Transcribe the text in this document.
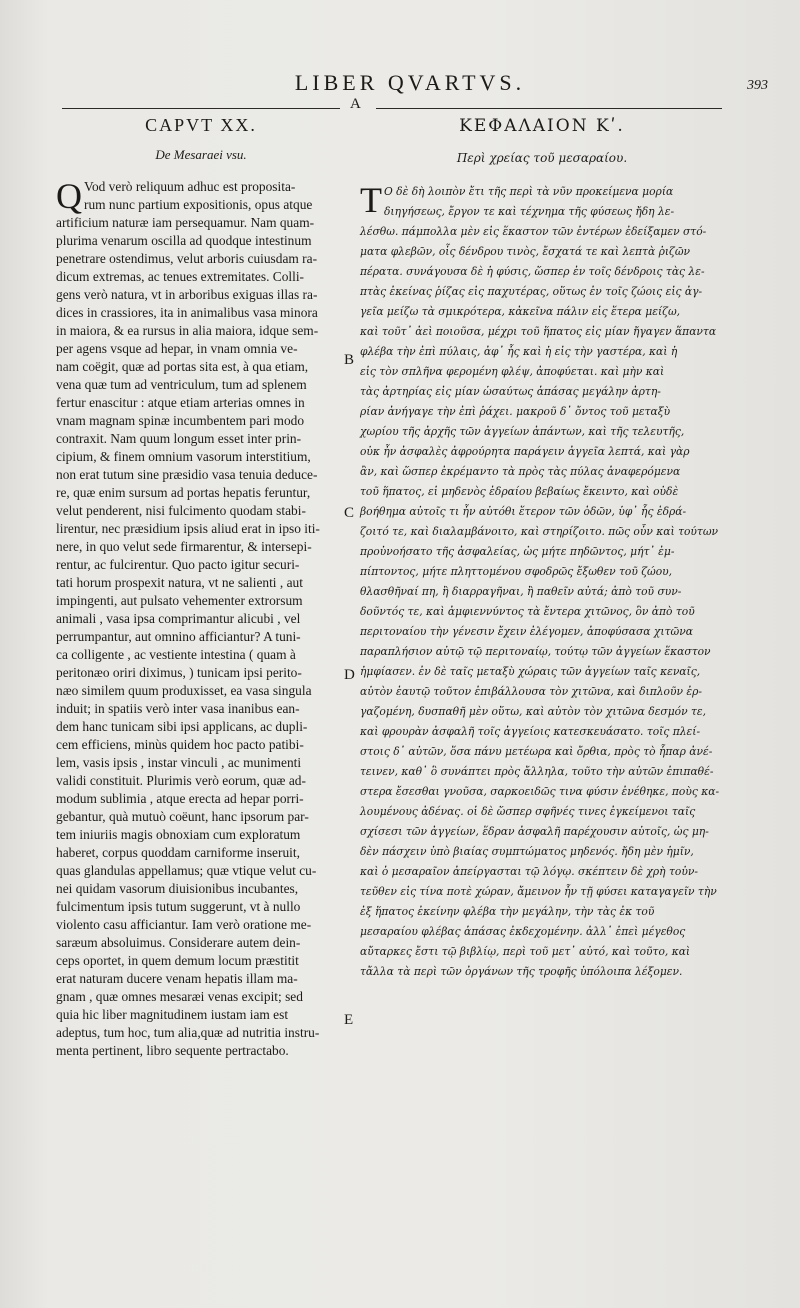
LIBER QVARTVS.	393
A
CAPVT XX.
De Mesaraei vsu.
Q Vod verò reliquum adhuc est proposita-
rum nunc partium expositionis, opus atque
artificium naturæ iam persequamur. Nam quam-
plurima venarum oscilla ad quodque intestinum
penetrare ostendimus, velut arboris cuiusdam ra-
dicum extremas, ac tenues extremitates. Colli-
gens verò natura, vt in arboribus exiguas illas ra-
dices in crassiores, ita in animalibus vasa minora
in maiora, & ea rursus in alia maiora, idque sem-
per agens vsque ad hepar, in vnam omnia ve-
nam coëgit, quæ ad portas sita est, à qua etiam,
vena quæ tum ad ventriculum, tum ad splenem
fertur enascitur : atque etiam arterias omnes in
vnam magnam spinæ incumbentem pari modo
contraxit. Nam quum longum esset inter prin-
cipium, & finem omnium vasorum interstitium,
non erat tutum sine præsidio vasa tenuia deduce-
re, quæ enim sursum ad portas hepatis feruntur,
velut penderent, nisi fulcimento quodam stabi-
lirentur, nec præsidium ipsis aliud erat in ipso iti-
nere, in quo velut sede firmarentur, & intersepi-
rentur, ac fulcirentur. Quo pacto igitur securi-
tati horum prospexit natura, vt ne salienti , aut
impingenti, aut pulsato vehementer extrorsum
animali , vasa ipsa comprimantur alicubi , vel
perrumpantur, aut omnino afficiantur? A tuni-
ca colligente , ac vestiente intestina ( quam à
peritonæo oriri diximus, ) tunicam ipsi perito-
næo similem quum produxisset, ea vasa singula
induit; in spatiis verò inter vasa inanibus ean-
dem hanc tunicam sibi ipsi applicans, ac dupli-
cem efficiens, minùs quidem hoc pacto patibi-
lem, vasis ipsis , instar vinculi , ac munimenti
validi constituit. Plurimis verò eorum, quæ ad-
modum sublimia , atque erecta ad hepar porri-
gebantur, quà mutuò coëunt, hanc ipsorum par-
tem iniuriis magis obnoxiam cum exploratum
haberet, corpus quoddam carniforme inseruit,
quas glandulas appellamus; quæ vtique velut cu-
nei quidam vasorum diuisionibus incubantes,
fulcimentum ipsis tutum suggerunt, vt à nullo
violento casu afficiantur. Iam verò oratione me-
saræum absoluimus. Considerare autem dein-
ceps oportet, in quem demum locum præstitit
erat naturam ducere venam hepatis illam ma-
gnam , quæ omnes mesaræi venas excipit; sed
quia hic liber magnitudinem iustam iam est
adeptus, tum hoc, tum alia,quæ ad nutritia instru-
menta pertinent, libro sequente pertractabo.
ΚΕΦΑΛΑΙΟΝ Κʹ.
Περὶ χρείας τοῦ μεσαραίου.
Τ Ο δὲ δὴ λοιπὸν ἔτι τῆς περὶ τὰ νῦν προκείμενα μορία
διηγήσεως, ἔργον τε καὶ τέχνημα τῆς φύσεως ἤδη λε-
λέσθω. πάμπολλα μὲν εἰς ἕκαστον τῶν ἐντέρων ἐδείξαμεν στό-
ματα φλεβῶν, οἷς δένδρου τινὸς, ἔσχατά τε καὶ λεπτὰ ῥιζῶν
πέρατα. συνάγουσα δὲ ἡ φύσις, ὥσπερ ἐν τοῖς δένδροις τὰς λε-
πτὰς ἐκείνας ῥίζας εἰς παχυτέρας, οὕτως ἐν τοῖς ζώοις εἰς ἀγ-
γεῖα μείζω τὰ σμικρότερα, κἀκεῖνα πάλιν εἰς ἕτερα μείζω,
καὶ τοῦτ᾽ ἀεὶ ποιοῦσα, μέχρι τοῦ ἥπατος εἰς μίαν ἤγαγεν ἅπαντα
φλέβα τὴν ἐπὶ πύλαις, ἀφ᾽ ἧς καὶ ἡ εἰς τὴν γαστέρα, καὶ ἡ
εἰς τὸν σπλῆνα φερομένη φλέψ, ἀποφύεται. καὶ μὴν καὶ
τὰς ἀρτηρίας εἰς μίαν ὡσαύτως ἁπάσας μεγάλην ἀρτη-
ρίαν ἀνήγαγε τὴν ἐπὶ ῥάχει. μακροῦ δ᾽ ὄντος τοῦ μεταξὺ
χωρίου τῆς ἀρχῆς τῶν ἀγγείων ἁπάντων, καὶ τῆς τελευτῆς,
οὐκ ἦν ἀσφαλὲς ἀφρούρητα παράγειν ἀγγεῖα λεπτά, καὶ γὰρ
ἂν, καὶ ὥσπερ ἐκρέμαντο τὰ πρὸς τὰς πύλας ἀναφερόμενα
τοῦ ἥπατος, εἰ μηδενὸς ἑδραίου βεβαίως ἔκειντο, καὶ οὐδὲ
βοήθημα αὐτοῖς τι ἦν αὐτόθι ἕτερον τῶν ὁδῶν, ὑφ᾽ ἧς ἑδρά-
ζοιτό τε, καὶ διαλαμβάνοιτο, καὶ στηρίζοιτο. πῶς οὖν καὶ τούτων
προὐνοήσατο τῆς ἀσφαλείας, ὡς μήτε πηδῶντος, μήτ᾽ ἐμ-
πίπτοντος, μήτε πληττομένου σφοδρῶς ἔξωθεν τοῦ ζώου,
θλασθῆναί πη, ἢ διαρραγῆναι, ἢ παθεῖν αὐτά; ἀπὸ τοῦ συν-
δοῦντός τε, καὶ ἀμφιεννύντος τὰ ἔντερα χιτῶνος, ὃν ἀπὸ τοῦ
περιτοναίου τὴν γένεσιν ἔχειν ἐλέγομεν, ἀποφύσασα χιτῶνα
παραπλήσιον αὐτῷ τῷ περιτοναίῳ, τούτῳ τῶν ἀγγείων ἕκαστον
ἠμφίασεν. ἐν δὲ ταῖς μεταξὺ χώραις τῶν ἀγγείων ταῖς κεναῖς,
αὐτὸν ἑαυτῷ τοῦτον ἐπιβάλλουσα τὸν χιτῶνα, καὶ διπλοῦν ἐρ-
γαζομένη, δυσπαθῆ μὲν οὕτω, καὶ αὐτὸν τὸν χιτῶνα δεσμόν τε,
καὶ φρουρὰν ἀσφαλῆ τοῖς ἀγγείοις κατεσκευάσατο. τοῖς πλεί-
στοις δ᾽ αὐτῶν, ὅσα πάνυ μετέωρα καὶ ὄρθια, πρὸς τὸ ἧπαρ ἀνέ-
τεινεν, καθ᾽ ὃ συνάπτει πρὸς ἄλληλα, τοῦτο τὴν αὐτῶν ἐπιπαθέ-
στερα ἔσεσθαι γνοῦσα, σαρκοειδῶς τινα φύσιν ἐνέθηκε, ποὺς κα-
λουμένους ἀδένας. οἱ δὲ ὥσπερ σφῆνές τινες ἐγκείμενοι ταῖς
σχίσεσι τῶν ἀγγείων, ἕδραν ἀσφαλῆ παρέχουσιν αὐτοῖς, ὡς μη-
δὲν πάσχειν ὑπὸ βιαίας συμπτώματος μηδενός. ἤδη μὲν ἡμῖν,
καὶ ὁ μεσαραῖον ἀπείργασται τῷ λόγῳ. σκέπτειν δὲ χρὴ τοὐν-
τεῦθεν εἰς τίνα ποτὲ χώραν, ἄμεινον ἦν τῇ φύσει καταγαγεῖν τὴν
ἐξ ἥπατος ἐκείνην φλέβα τὴν μεγάλην, τὴν τὰς ἐκ τοῦ
μεσαραίου φλέβας ἁπάσας ἐκδεχομένην. ἀλλ᾽ ἐπεὶ μέγεθος
αὔταρκες ἔστι τῷ βιβλίῳ, περὶ τοῦ μετ᾽ αὐτό, καὶ τοῦτο, καὶ
τἄλλα τὰ περὶ τῶν ὀργάνων τῆς τροφῆς ὑπόλοιπα λέξομεν.
B
C
D
E
